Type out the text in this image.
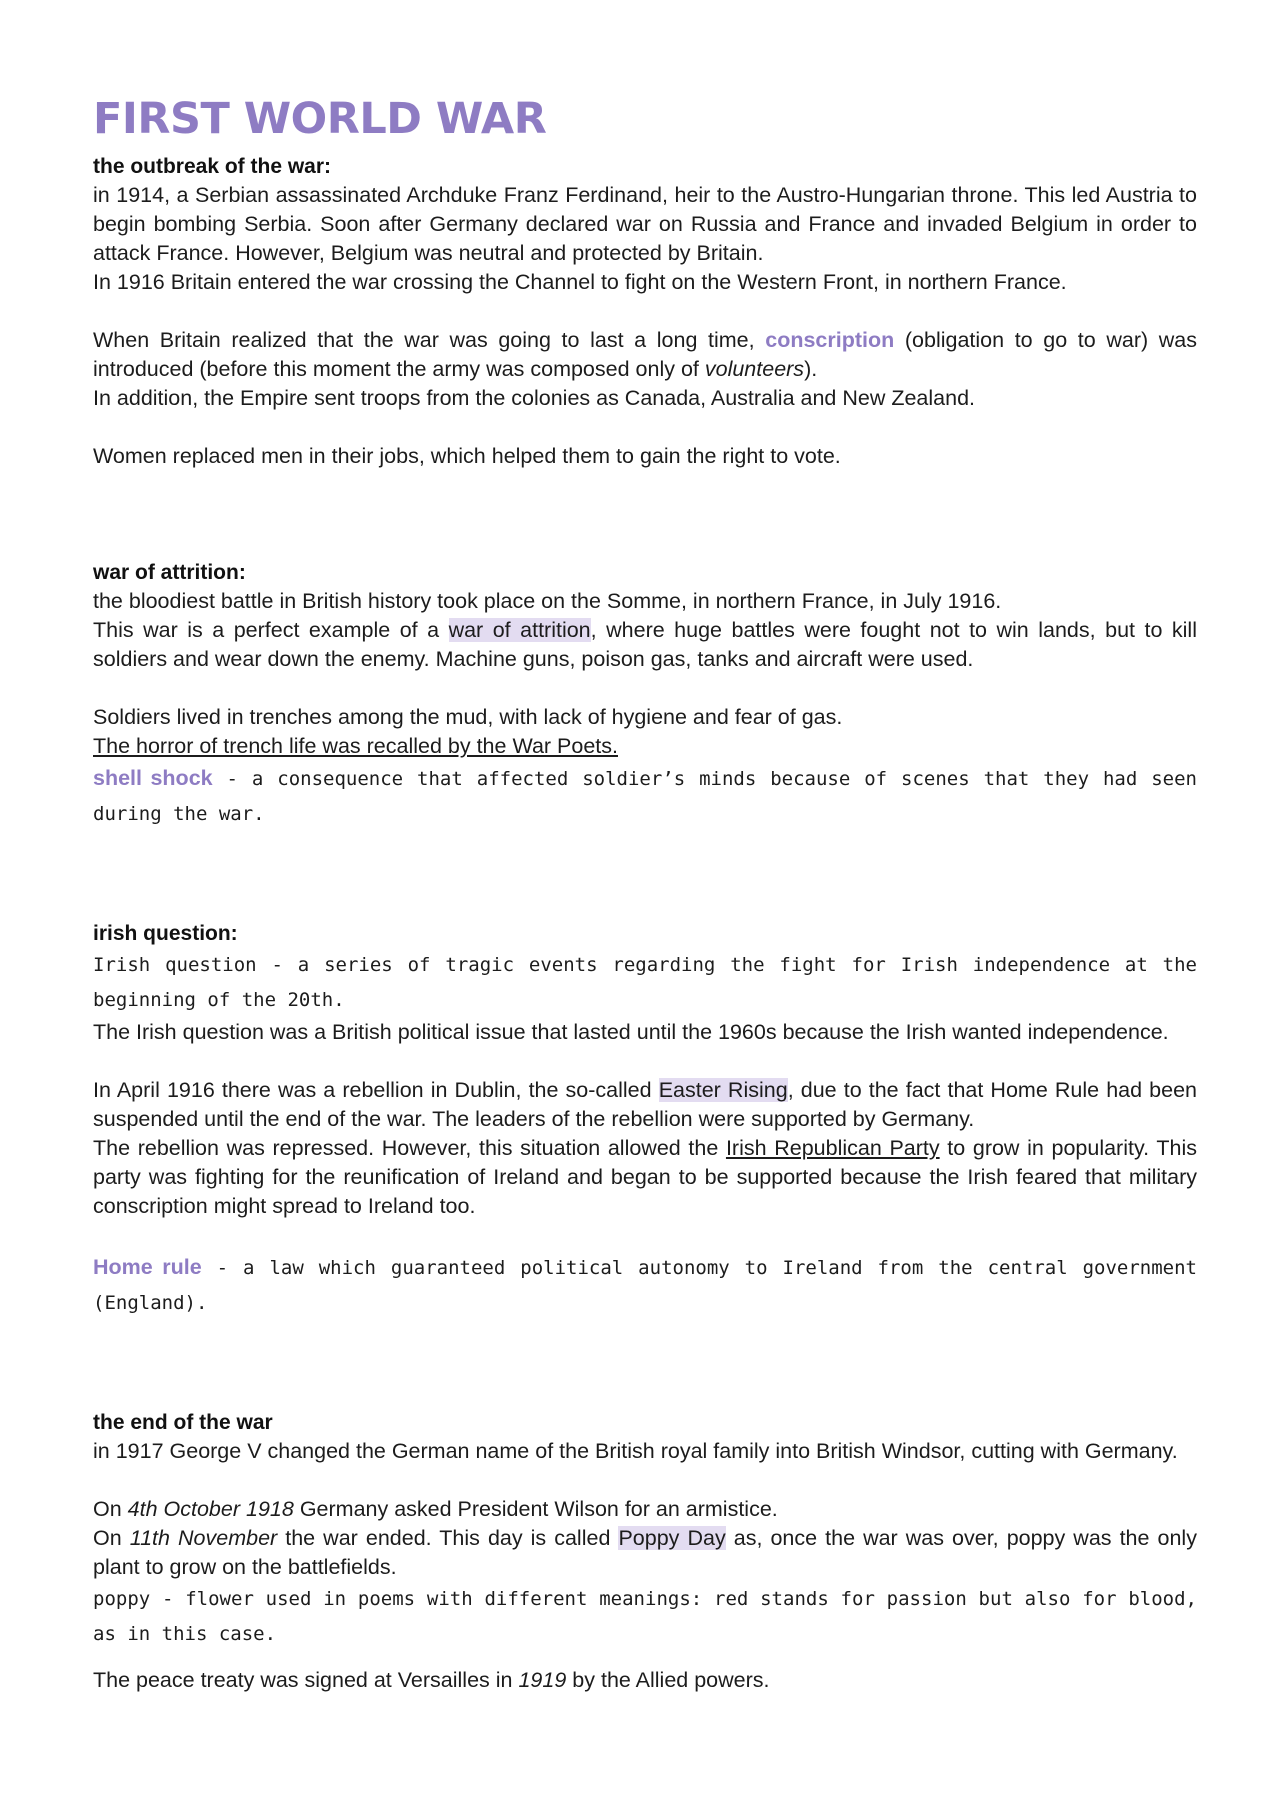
FIRST WORLD WAR
the outbreak of the war:

in 1914, a Serbian assassinated Archduke Franz Ferdinand, heir to the Austro-Hungarian throne. This led Austria to begin bombing Serbia. Soon after Germany declared war on Russia and France and invaded Belgium in order to attack France. However, Belgium was neutral and protected by Britain.

In 1916 Britain entered the war crossing the Channel to fight on the Western Front, in northern France.

When Britain realized that the war was going to last a long time, conscription (obligation to go to war) was introduced (before this moment the army was composed only of volunteers).

In addition, the Empire sent troops from the colonies as Canada, Australia and New Zealand.

Women replaced men in their jobs, which helped them to gain the right to vote.

war of attrition:

the bloodiest battle in British history took place on the Somme, in northern France, in July 1916.

This war is a perfect example of a war of attrition, where huge battles were fought not to win lands, but to kill soldiers and wear down the enemy. Machine guns, poison gas, tanks and aircraft were used.

Soldiers lived in trenches among the mud, with lack of hygiene and fear of gas.

The horror of trench life was recalled by the War Poets.

shell shock - a consequence that affected soldier’s minds because of scenes that they had seen during the war.

irish question:

Irish question - a series of tragic events regarding the fight for Irish independence at the beginning of the 20th.

The Irish question was a British political issue that lasted until the 1960s because the Irish wanted independence.

In April 1916 there was a rebellion in Dublin, the so-called Easter Rising, due to the fact that Home Rule had been suspended until the end of the war. The leaders of the rebellion were supported by Germany.

The rebellion was repressed. However, this situation allowed the Irish Republican Party to grow in popularity. This party was fighting for the reunification of Ireland and began to be supported because the Irish feared that military conscription might spread to Ireland too.

Home rule - a law which guaranteed political autonomy to Ireland from the central government (England).

the end of the war

in 1917 George V changed the German name of the British royal family into British Windsor, cutting with Germany.

On 4th October 1918 Germany asked President Wilson for an armistice.

On 11th November the war ended. This day is called Poppy Day as, once the war was over, poppy was the only plant to grow on the battlefields.

poppy - flower used in poems with different meanings: red stands for passion but also for blood, as in this case.

The peace treaty was signed at Versailles in 1919 by the Allied powers.
